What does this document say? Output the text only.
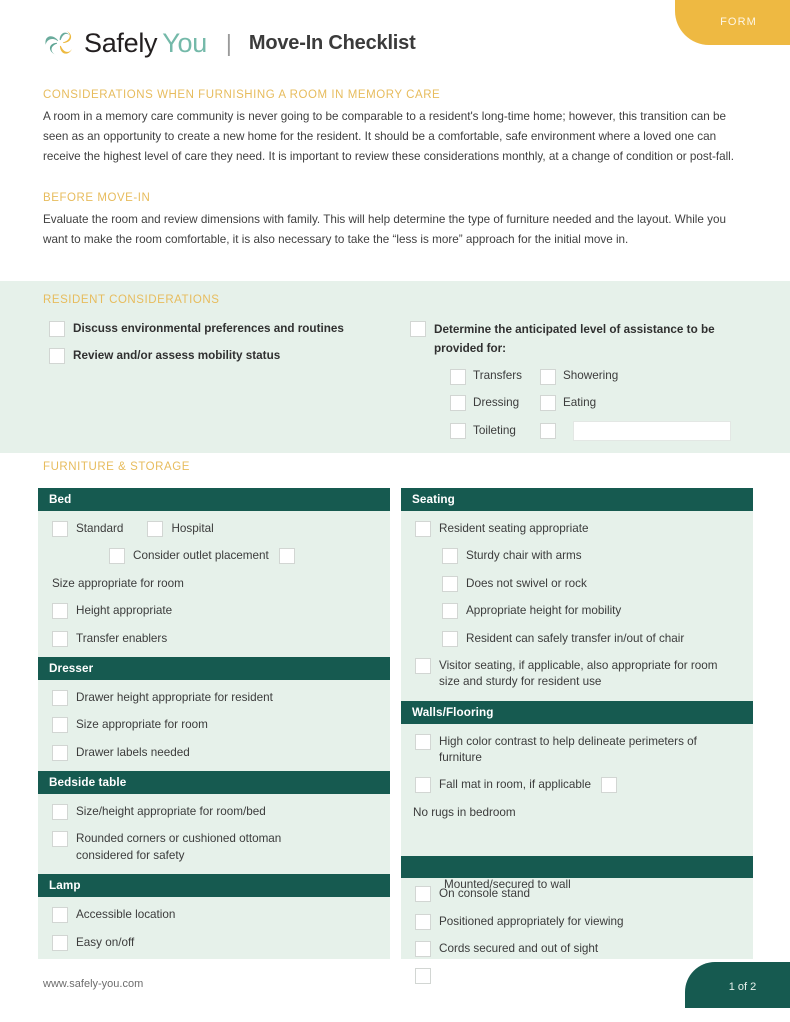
FORM
Safely You | Move-In Checklist
CONSIDERATIONS WHEN FURNISHING A ROOM IN MEMORY CARE
A room in a memory care community is never going to be comparable to a resident's long-time home; however, this transition can be seen as an opportunity to create a new home for the resident. It should be a comfortable, safe environment where a loved one can receive the highest level of care they need. It is important to review these considerations monthly, at a change of condition or post-fall.
BEFORE MOVE-IN
Evaluate the room and review dimensions with family. This will help determine the type of furniture needed and the layout. While you want to make the room comfortable, it is also necessary to take the “less is more” approach for the initial move in.
RESIDENT CONSIDERATIONS
Discuss environmental preferences and routines
Review and/or assess mobility status
Determine the anticipated level of assistance to be provided for:
Transfers	Showering
Dressing	Eating
Toileting
FURNITURE & STORAGE
Bed
Standard	Hospital
Consider outlet placement
Size appropriate for room
Height appropriate
Transfer enablers
Dresser
Drawer height appropriate for resident
Size appropriate for room
Drawer labels needed
Bedside table
Size/height appropriate for room/bed
Rounded corners or cushioned ottoman considered for safety
Lamp
Accessible location
Easy on/off
Seating
Resident seating appropriate
Sturdy chair with arms
Does not swivel or rock
Appropriate height for mobility
Resident can safely transfer in/out of chair
Visitor seating, if applicable, also appropriate for room size and sturdy for resident use
Walls/Flooring
High color contrast to help delineate perimeters of furniture
Fall mat in room, if applicable
No rugs in bedroom
Mounted/secured to wall
On console stand
Positioned appropriately for viewing
Cords secured and out of sight
www.safely-you.com	1 of 2
